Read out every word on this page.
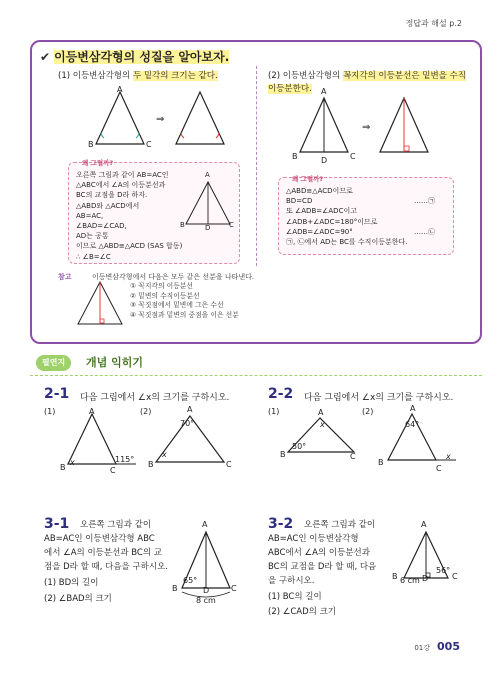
정답과 해설 p.2
✔ 이등변삼각형의 성질을 알아보자.
(1) 이등변삼각형의 두 밑각의 크기는 같다.	(2) 이등변삼각형의 꼭지각의 이등분선은 밑변을 수직이등분한다.
⇒
A
B	C
⇒
A
B	D	C
왜 그럴까?
오른쪽 그림과 같이 AB=AC인
△ABC에서 ∠A의 이등분선과
BC의 교점을 D라 하자.
△ABD와 △ACD에서
AB=AC,
∠BAD=∠CAD,
AD는 공통
이므로 △ABD≡△ACD (SAS 합동)
∴ ∠B=∠C
A
B	D	C
왜 그럴까?
△ABD≡△ACD이므로
BD=CD
또 ∠ADB=∠ADC이고
∠ADB+∠ADC=180°이므로
∠ADB=∠ADC=90°
㉠, ㉡에서 AD는 BC를 수직이등분한다.
……㉠
……㉡
참고	이등변삼각형에서 다음은 모두 같은 선분을 나타낸다.
① 꼭지각의 이등분선
② 밑변의 수직이등분선
③ 꼭짓점에서 밑변에 그은 수선
④ 꼭짓점과 밑변의 중점을 이은 선분
필연지	개념 익히기
2-1 다음 그림에서 ∠x의 크기를 구하시오.
(1)	(2)
A
B	C
x	115°
A
70°
B	C
x
2-2 다음 그림에서 ∠x의 크기를 구하시오.
(1)	(2)
A
B	C
50°
x
A
64°
B
C
x
3-1 오른쪽 그림과 같이
AB=AC인 이등변삼각형 ABC
에서 ∠A의 이등분선과 BC의 교
점을 D라 할 때, 다음을 구하시오.
(1) BD의 길이
(2) ∠BAD의 크기
A
B	D	C
65°
8 cm
3-2 오른쪽 그림과 같이
AB=AC인 이등변삼각형
ABC에서 ∠A의 이등분선과
BC의 교점을 D라 할 때, 다음
을 구하시오.
(1) BC의 길이
(2) ∠CAD의 크기
A
B	D	C
56°
6 cm
01강 005
